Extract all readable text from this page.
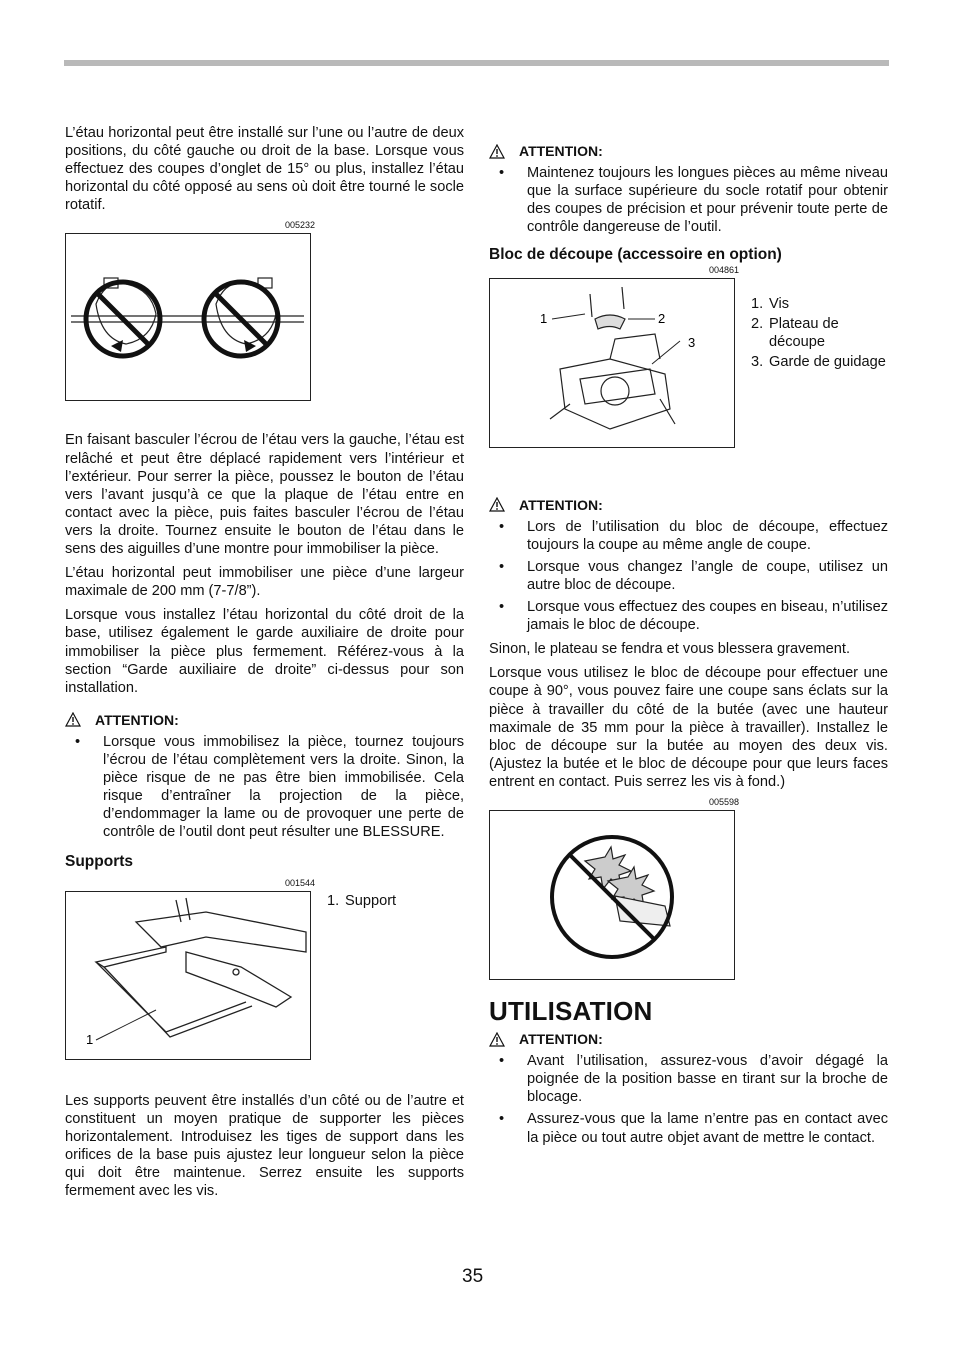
L’étau horizontal peut être installé sur l’une ou l’autre de deux positions, du côté gauche ou droit de la base. Lorsque vous effectuez des coupes d’onglet de 15° ou plus, installez l’étau horizontal du côté opposé au sens où doit être tourné le socle rotatif.

005232

En faisant basculer l’écrou de l’étau vers la gauche, l’étau est relâché et peut être déplacé rapidement vers l’intérieur et l’extérieur. Pour serrer la pièce, poussez le bouton de l’étau vers l’avant jusqu’à ce que la plaque de l’étau entre en contact avec la pièce, puis faites basculer l’écrou de l’étau vers la droite. Tournez ensuite le bouton de l’étau dans le sens des aiguilles d’une montre pour immobiliser la pièce.

L’étau horizontal peut immobiliser une pièce d’une largeur maximale de 200 mm (7-7/8”).

Lorsque vous installez l’étau horizontal du côté droit de la base, utilisez également le garde auxiliaire de droite pour immobiliser la pièce plus fermement. Référez-vous à la section “Garde auxiliaire de droite” ci-dessus pour son installation.

ATTENTION:
• Lorsque vous immobilisez la pièce, tournez toujours l’écrou de l’étau complètement vers la droite. Sinon, la pièce risque de ne pas être bien immobilisée. Cela risque d’entraîner la projection de la pièce, d’endommager la lame ou de provoquer une perte de contrôle de l’outil dont peut résulter une BLESSURE.
Supports
001544
1
1. Support

Les supports peuvent être installés d’un côté ou de l’autre et constituent un moyen pratique de supporter les pièces horizontalement. Introduisez les tiges de support dans les orifices de la base puis ajustez leur longueur selon la pièce qui doit être maintenue. Serrez ensuite les supports fermement avec les vis.

ATTENTION:
• Maintenez toujours les longues pièces au même niveau que la surface supérieure du socle rotatif pour obtenir des coupes de précision et pour prévenir toute perte de contrôle dangereuse de l’outil.
Bloc de découpe (accessoire en option)
004861
1	2
3
1. Vis
2. Plateau de découpe
3. Garde de guidage
ATTENTION:
• Lors de l’utilisation du bloc de découpe, effectuez toujours la coupe au même angle de coupe.
• Lorsque vous changez l’angle de coupe, utilisez un autre bloc de découpe.
• Lorsque vous effectuez des coupes en biseau, n’utilisez jamais le bloc de découpe.

Sinon, le plateau se fendra et vous blessera gravement.

Lorsque vous utilisez le bloc de découpe pour effectuer une coupe à 90°, vous pouvez faire une coupe sans éclats sur la pièce à travailler du côté de la butée (avec une hauteur maximale de 35 mm pour la pièce à travailler). Installez le bloc de découpe sur la butée au moyen des deux vis. (Ajustez la butée et le bloc de découpe pour que leurs faces entrent en contact. Puis serrez les vis à fond.)

005598
UTILISATION
ATTENTION:
• Avant l’utilisation, assurez-vous d’avoir dégagé la poignée de la position basse en tirant sur la broche de blocage.
• Assurez-vous que la lame n’entre pas en contact avec la pièce ou tout autre objet avant de mettre le contact.
35
